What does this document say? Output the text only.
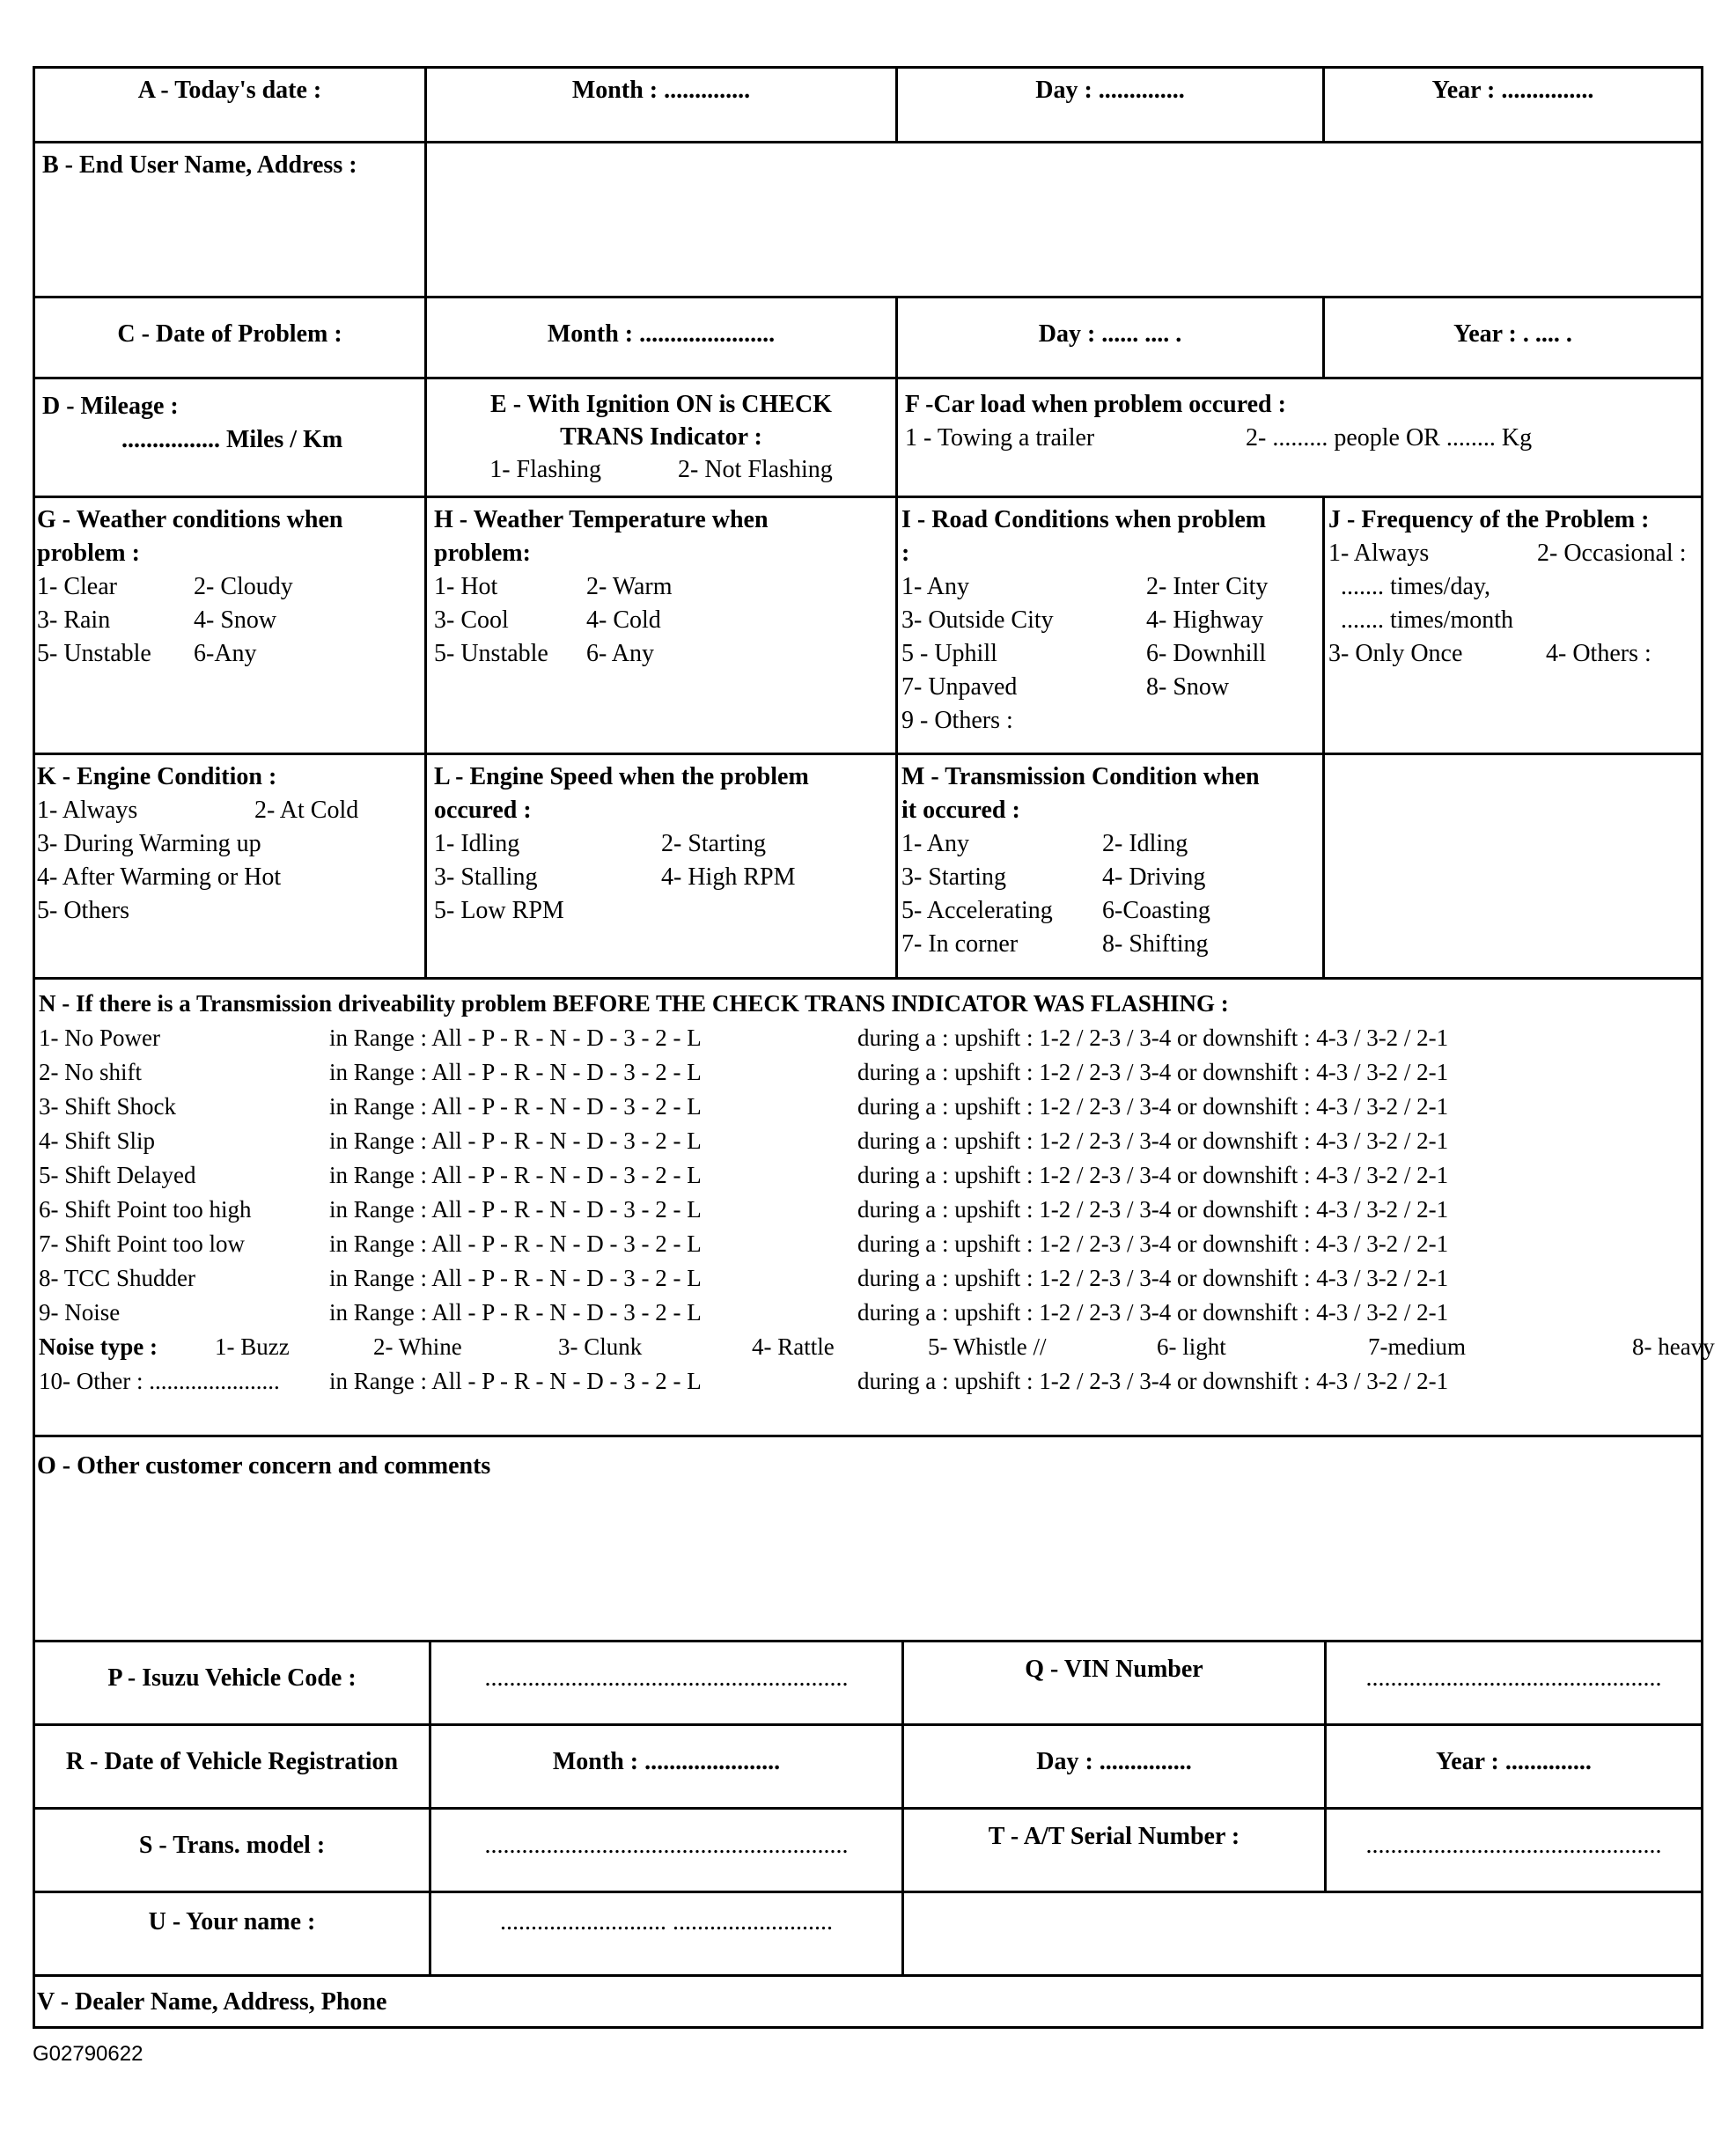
A - Today's date :	Month : ..............	Day : ..............	Year : ...............
B - End User Name, Address :
C - Date of Problem :	Month : ......................	Day : ...... .... .	Year : . .... .
D - Mileage :
................ Miles / Km
E - With Ignition ON is CHECK
TRANS Indicator :
1- Flashing	2- Not Flashing
F -Car load when problem occured :
1 - Towing a trailer	2- ......... people OR ........ Kg
G - Weather conditions when
problem :
1- Clear	2- Cloudy
3- Rain	4- Snow
5- Unstable	6-Any
H - Weather Temperature when
problem:
1- Hot	2- Warm
3- Cool	4- Cold
5- Unstable	6- Any
I - Road Conditions when problem
:
1- Any	2- Inter City
3- Outside City	4- Highway
5 - Uphill	6- Downhill
7- Unpaved	8- Snow
9 - Others :
J - Frequency of the Problem :
1- Always	2- Occasional :
....... times/day,
....... times/month
3- Only Once	4- Others :
K - Engine Condition :
1- Always	2- At Cold
3- During Warming up
4- After Warming or Hot
5- Others
L - Engine Speed when the problem
occured :
1- Idling	2- Starting
3- Stalling	4- High RPM
5- Low RPM
M - Transmission Condition when
it occured :
1- Any	2- Idling
3- Starting	4- Driving
5- Accelerating	6-Coasting
7- In corner	8- Shifting
N - If there is a Transmission driveability problem BEFORE THE CHECK TRANS INDICATOR WAS FLASHING :
1- No Power	in Range : All - P - R - N - D - 3 - 2 - L	during a : upshift : 1-2 / 2-3 / 3-4 or downshift : 4-3 / 3-2 / 2-1
2- No shift	in Range : All - P - R - N - D - 3 - 2 - L	during a : upshift : 1-2 / 2-3 / 3-4 or downshift : 4-3 / 3-2 / 2-1
3- Shift Shock	in Range : All - P - R - N - D - 3 - 2 - L	during a : upshift : 1-2 / 2-3 / 3-4 or downshift : 4-3 / 3-2 / 2-1
4- Shift Slip	in Range : All - P - R - N - D - 3 - 2 - L	during a : upshift : 1-2 / 2-3 / 3-4 or downshift : 4-3 / 3-2 / 2-1
5- Shift Delayed	in Range : All - P - R - N - D - 3 - 2 - L	during a : upshift : 1-2 / 2-3 / 3-4 or downshift : 4-3 / 3-2 / 2-1
6- Shift Point too high	in Range : All - P - R - N - D - 3 - 2 - L	during a : upshift : 1-2 / 2-3 / 3-4 or downshift : 4-3 / 3-2 / 2-1
7- Shift Point too low	in Range : All - P - R - N - D - 3 - 2 - L	during a : upshift : 1-2 / 2-3 / 3-4 or downshift : 4-3 / 3-2 / 2-1
8- TCC Shudder	in Range : All - P - R - N - D - 3 - 2 - L	during a : upshift : 1-2 / 2-3 / 3-4 or downshift : 4-3 / 3-2 / 2-1
9- Noise	in Range : All - P - R - N - D - 3 - 2 - L	during a : upshift : 1-2 / 2-3 / 3-4 or downshift : 4-3 / 3-2 / 2-1
Noise type :	1- Buzz	2- Whine	3- Clunk	4- Rattle	5- Whistle //	6- light	7-medium	8- heavy
10- Other : ......................	in Range : All - P - R - N - D - 3 - 2 - L	during a : upshift : 1-2 / 2-3 / 3-4 or downshift : 4-3 / 3-2 / 2-1
O - Other customer concern and comments
P - Isuzu Vehicle Code :	...........................................................	Q - VIN Number	................................................
R - Date of Vehicle Registration	Month : ......................	Day : ...............	Year : ..............
S - Trans. model :	...........................................................	T - A/T Serial Number :	................................................
U - Your name :	........................... ..........................
V - Dealer Name, Address, Phone
G02790622
